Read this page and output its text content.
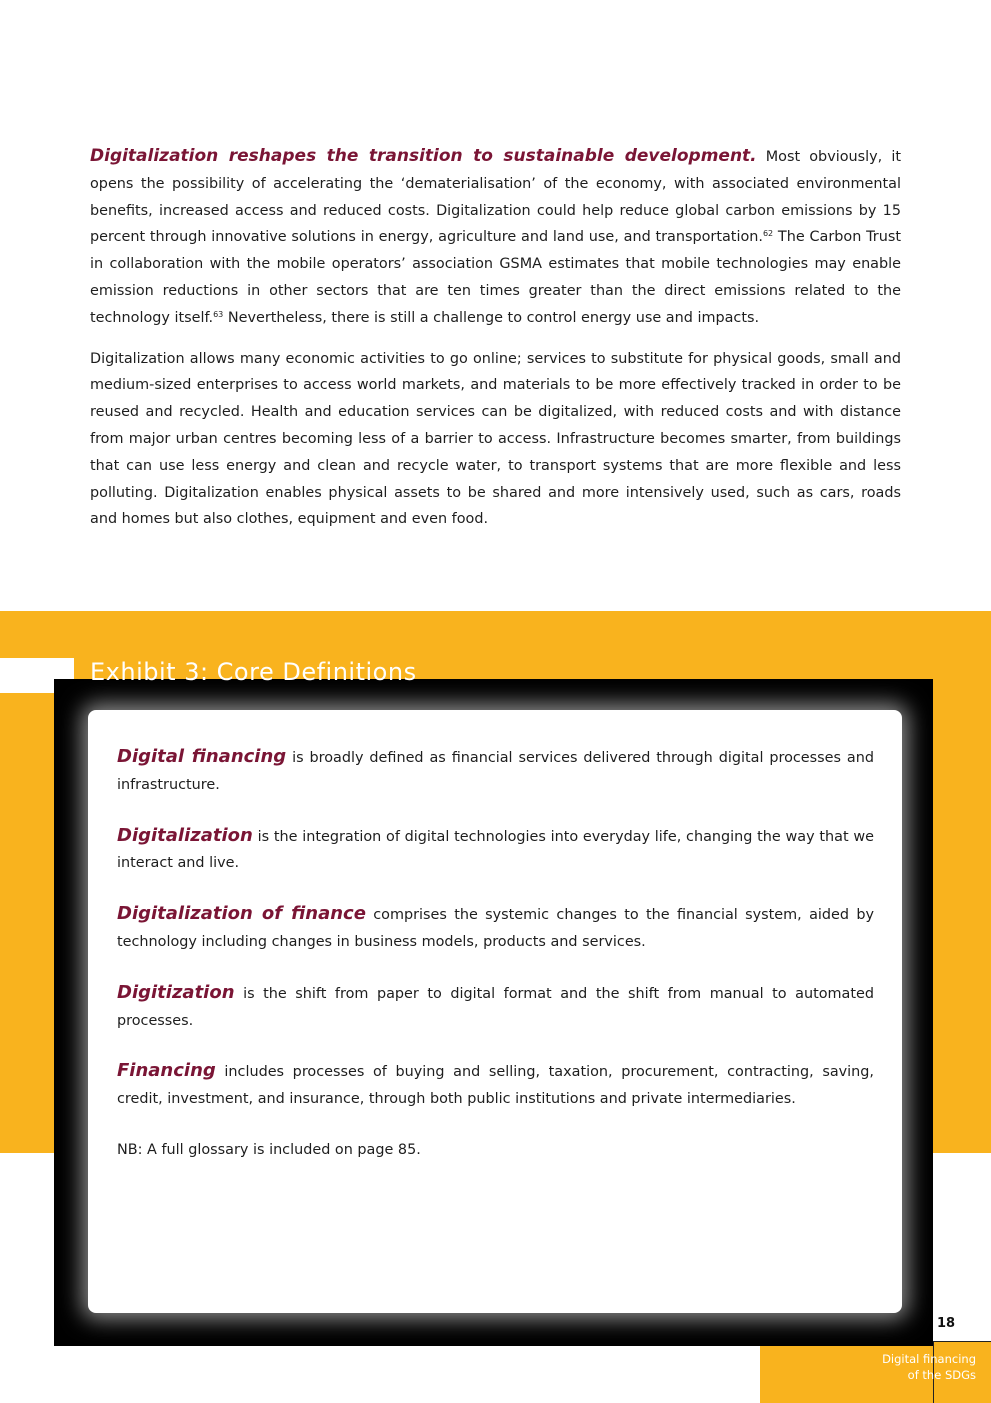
Digitalization reshapes the transition to sustainable development. Most obviously, it opens the possibility of accelerating the ‘dematerialisation’ of the economy, with associated environmental benefits, increased access and reduced costs. Digitalization could help reduce global carbon emissions by 15 percent through innovative solutions in energy, agriculture and land use, and transportation.$^{62}$ The Carbon Trust in collaboration with the mobile operators’ association GSMA estimates that mobile technologies may enable emission reductions in other sectors that are ten times greater than the direct emissions related to the technology itself.$^{63}$ Nevertheless, there is still a challenge to control energy use and impacts.

Digitalization allows many economic activities to go online; services to substitute for physical goods, small and medium-sized enterprises to access world markets, and materials to be more effectively tracked in order to be reused and recycled. Health and education services can be digitalized, with reduced costs and with distance from major urban centres becoming less of a barrier to access. Infrastructure becomes smarter, from buildings that can use less energy and clean and recycle water, to transport systems that are more flexible and less polluting. Digitalization enables physical assets to be shared and more intensively used, such as cars, roads and homes but also clothes, equipment and even food.

Exhibit 3: Core Definitions

Digital financing is broadly defined as financial services delivered through digital processes and infrastructure.

Digitalization is the integration of digital technologies into everyday life, changing the way that we interact and live.

Digitalization of finance comprises the systemic changes to the financial system, aided by technology including changes in business models, products and services.

Digitization is the shift from paper to digital format and the shift from manual to automated processes.

Financing includes processes of buying and selling, taxation, procurement, contracting, saving, credit, investment, and insurance, through both public institutions and private intermediaries.

NB: A full glossary is included on page 85.

18
Digital financing
of the SDGs
